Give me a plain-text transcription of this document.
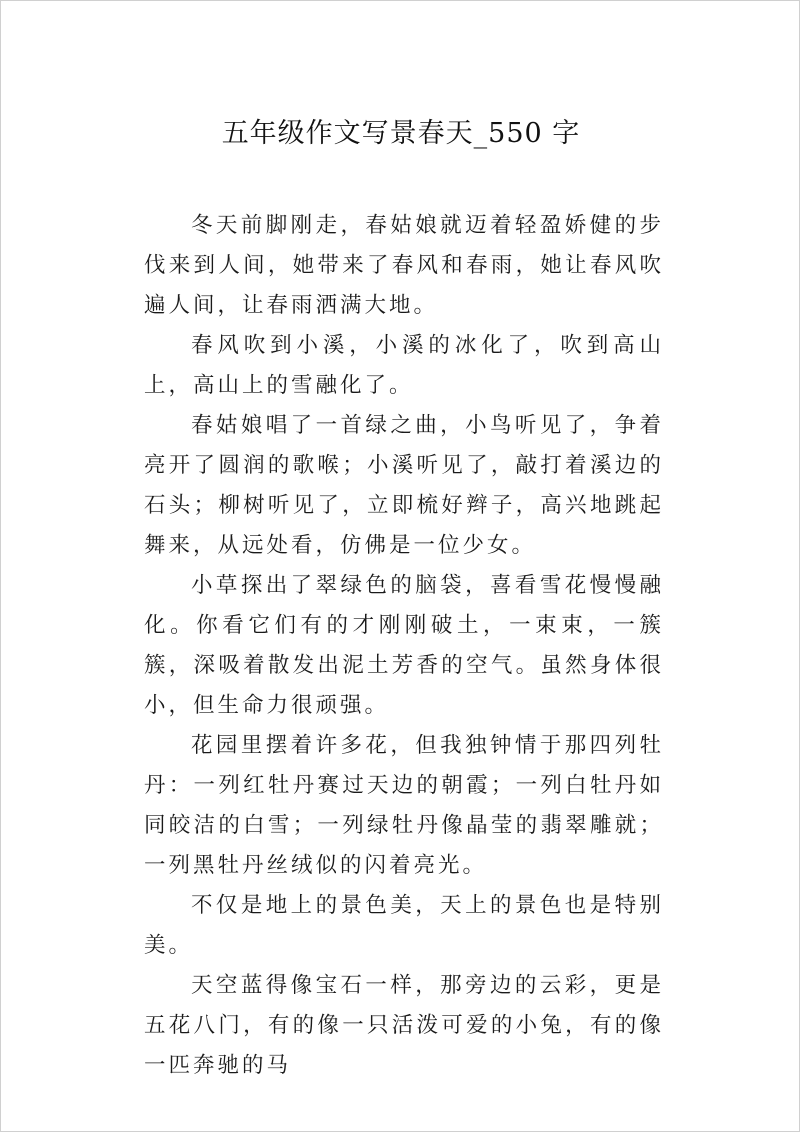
五年级作文写景春天_550 字

冬天前脚刚走，春姑娘就迈着轻盈娇健的步伐来到人间，她带来了春风和春雨，她让春风吹遍人间，让春雨洒满大地。

春风吹到小溪，小溪的冰化了，吹到高山上，高山上的雪融化了。

春姑娘唱了一首绿之曲，小鸟听见了，争着亮开了圆润的歌喉；小溪听见了，敲打着溪边的石头；柳树听见了，立即梳好辫子，高兴地跳起舞来，从远处看，仿佛是一位少女。

小草探出了翠绿色的脑袋，喜看雪花慢慢融化。你看它们有的才刚刚破土，一束束，一簇簇，深吸着散发出泥土芳香的空气。虽然身体很小，但生命力很顽强。

花园里摆着许多花，但我独钟情于那四列牡丹：一列红牡丹赛过天边的朝霞；一列白牡丹如同皎洁的白雪；一列绿牡丹像晶莹的翡翠雕就；一列黑牡丹丝绒似的闪着亮光。

不仅是地上的景色美，天上的景色也是特别美。

天空蓝得像宝石一样，那旁边的云彩，更是五花八门，有的像一只活泼可爱的小兔，有的像一匹奔驰的马
